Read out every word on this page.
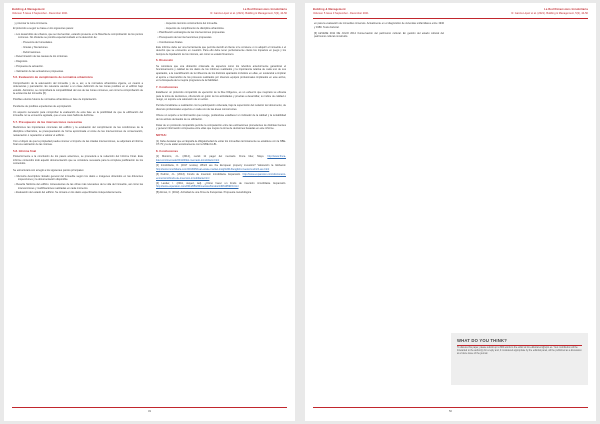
Building & Management
Volumen 5 Issue 3 September - December 2021
La Red Dimensions Inmobiliaria
R. García López et al. (2021). Building & Management, 5(3), 44-50

y provocar la ruina inminente.

El protocolo a seguir se basa en los siguientes pasos:

• Los desarrollos de urbanos, que se intervenirán, estando presente en la filosofía de comprobación de los puntos comunes. No obstante se pondrá especial cuidado en la detección de:

◦ Presencia de humedades.

◦ Grietas y fisuraciones.

◦ Deformaciones.

• Determinación de las causas de los síntomas.

• Diagnosis.

• Propuesta de actuación.

• Valoración de las actuaciones propuestas.

5.6. Evaluación de cumplimiento de normativa urbanística

Comprobación de la adecuación del inmueble y de a, así, a la normativa urbanística vigente, en cuanto a ordenanzas y parcelación. Es relevante atender a un clase definición de las zonas posibles en el edificio bajo estudio. Asimismo, se comprobará la compatibilidad del uso de las zonas comunes, así como la comprobación de la existencia del inmueble [6].

Posibles efectos futuros de normativa urbanística en fase de implantación.

Pendiente de posibles expedientes de expropiación.

Un aspecto necesario para comprobar la evaluación de esta fase es la posibilidad de que la edificación del inmueble no se encuentre agotada, que en ese caso habrá de definirse.

5.7. Presupuesto de las intervenciones necesarias

Mediciones las importantes concretas del edificio y la evaluación del cumplimiento de las condiciones de la disciplina urbanística, se presupuestarán de forma aproximada el coste de las intervenciones de conservación, restauración o reparación a valorar el edificio.

Con el objeto de que la propiedad pueda conocer el importe de las citadas intervenciones, se adjuntará al informe final una valoración de las mismas.

5.8. Informe final

Posteriormente a la conclusión de los pasos anteriores, se procederá a la redacción del Informe Final. Este informe contendrá todo aquello documentación que se considere necesaria para la completa justificación de los contenidos.

Se estructurará con arreglo a los siguientes puntos principales:

• Memoria descriptiva: Estado general del inmueble según los datos e imágenes obtenidos en las diferentes inspecciones y la documentación disponible.

• Reseña histórica del edificio. Antecedentes de las obras más relevantes de la vida del inmueble, así como las intervenciones y modificaciones realizadas en cada momento.

• Evaluación del estado del edificio. Se tomará en los datos especificados independientemente.

◦ Aspectos técnicos constructivos del inmueble.

◦ Aspectos de cumplimiento de disciplina urbanística.

• Planificación estratégica de las intervenciones propuestas.

• Presupuesto de las intervenciones propuestas.

• Conclusiones finales.

Este informe debe ser una herramienta que permita decidir al cliente si le conviene o no adquirir el inmueble o el derecho que se encuentre en cuestión. Para ello debe tener perfectamente claros los impactos en juego y los tiempos de liquidación de los mismos, así como su estado financiero.

6. Discusión

Se considera que una ubicación ordenada de aspectos como los referidos anteriormente garantizan el funcionamiento y calidad de los datos de los informes realizados y la importancia relativa de cada uno de sus apartados, a la cuantificación de la influencia de los distintos apartados incluidos en ellas, en sustancial a implicar el aporte e intercambio de los procesos realizados por diversos equipos profesionales implicados en este activo, en la búsqueda de la mejora progresiva de la fiabilidad.

7. Conclusiones

Establecer un protocolo compartido de ejecución de la Due Diligence, es un esfuerzo que mejorará su eficacia para la toma de decisiones, ofreciendo un guión de los actividades y pruebas a desarrollar, su índice de calidad o riesgo, un soporte a la valoración de un activo.

Permite focalizarse a realización con la participación ordenada, bajo la supervisión del redactor del documento, de diversos profesionales expertos en cada uno de las áreas concurrentes.

Ofrece un soporte a la información que recoge, pudiéndose establecer un indicador de la calidad y la rentabilidad de los activos derivados de su utilización.

Dotar de un protocolo compartido permite la comparación entre las estimaciones procedentes de distintas fuentes y generar información compuesta entre ellas que mejore la toma de decisiones basadas en este informe.

NOTAS:

(1) Cabe destacar que en España la obligatoriedad de evitar los inmuebles térmicamente se establece con la NBE-CT-79 y la de aislar acústicamente con la NBE-CA-81.

8. Conclusiones

[1] Montoro, J.L. (2012), revisit 11 pagel del mercado. Finca líder, Mayo. http://www.finca-lider.com/mercado/2011/03/el-mercado-inmobiliario.html

[2] Inmobiliaria, O. (2017 revista). Which are the European property investors? Valoración la Global-id. http://www.inmobiliaria.com/2013/05/real-estate-market-insight2013/english-investors-which-are.html

[3] Pedrón, J.L. (2013). Fondo de inversión inmobiliaria. Expansión. http://www.expansion.com/diccionario-economico/fondo-de-inversion-inmobiliaria.html

[4] Lander, I. (2011, stayed, lad). ¿Cómo hacer un fondo de inversión inmobiliaria. Expansión. http://www.expansion.com/2011/05/23/inversion/fondos/1306195915.html

[5] Alonso, C. (2012). Actividad de una firma de franquicias. Propuesta metodológica

49
Building & Management
Volumen 5 Issue 3 September - December 2021
La Red Dimensions Inmobiliaria
R. García López et al. (2021). Building & Management, 5(3), 44-50

en para la evaluación de inmuebles inmersos. Actualmente en el diagnóstico de viviendas unifamiliares entre 1940 y 1980. Tesis doctoral.

[6] LEVENE 2011 DE JULIO 2014 Conservación del patrimonio cultural. En gestión del estado cultural del patrimonio cultural construido.

WHAT DO YOU THINK?
To discuss this paper, please submit up to 800 words to the editor at bm.editorial.em@upm.es. Your contribution will be forwarded to the author(s) for a reply and, if considered appropriate by the editorial panel, will be published as a discussion at a future issue of the journal.
50
